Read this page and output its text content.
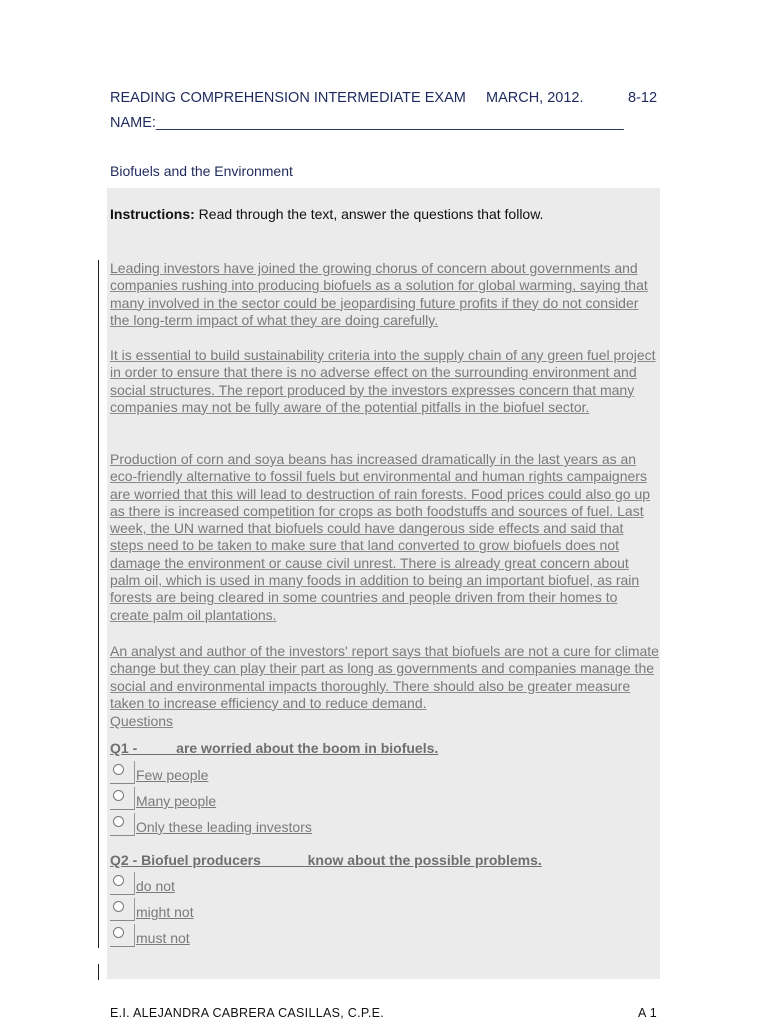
READING COMPREHENSION INTERMEDIATE EXAM MARCH, 2012.	8-12
NAME:__________________________________________________________
Biofuels and the Environment
Instructions: Read through the text, answer the questions that follow.

Leading investors have joined the growing chorus of concern about governments and companies rushing into producing biofuels as a solution for global warming, saying that many involved in the sector could be jeopardising future profits if they do not consider the long-term impact of what they are doing carefully.

It is essential to build sustainability criteria into the supply chain of any green fuel project in order to ensure that there is no adverse effect on the surrounding environment and social structures. The report produced by the investors expresses concern that many companies may not be fully aware of the potential pitfalls in the biofuel sector.

Production of corn and soya beans has increased dramatically in the last years as an eco-friendly alternative to fossil fuels but environmental and human rights campaigners are worried that this will lead to destruction of rain forests. Food prices could also go up as there is increased competition for crops as both foodstuffs and sources of fuel. Last week, the UN warned that biofuels could have dangerous side effects and said that steps need to be taken to make sure that land converted to grow biofuels does not damage the environment or cause civil unrest. There is already great concern about palm oil, which is used in many foods in addition to being an important biofuel, as rain forests are being cleared in some countries and people driven from their homes to create palm oil plantations.

An analyst and author of the investors' report says that biofuels are not a cure for climate change but they can play their part as long as governments and companies manage the social and environmental impacts thoroughly. There should also be greater measure taken to increase efficiency and to reduce demand.

Questions

Q1 - ____ are worried about the boom in biofuels.
Few people
Many people
Only these leading investors
Q2 - Biofuel producers _____ know about the possible problems.
do not
might not
must not
E.I. ALEJANDRA CABRERA CASILLAS, C.P.E.	A 1
